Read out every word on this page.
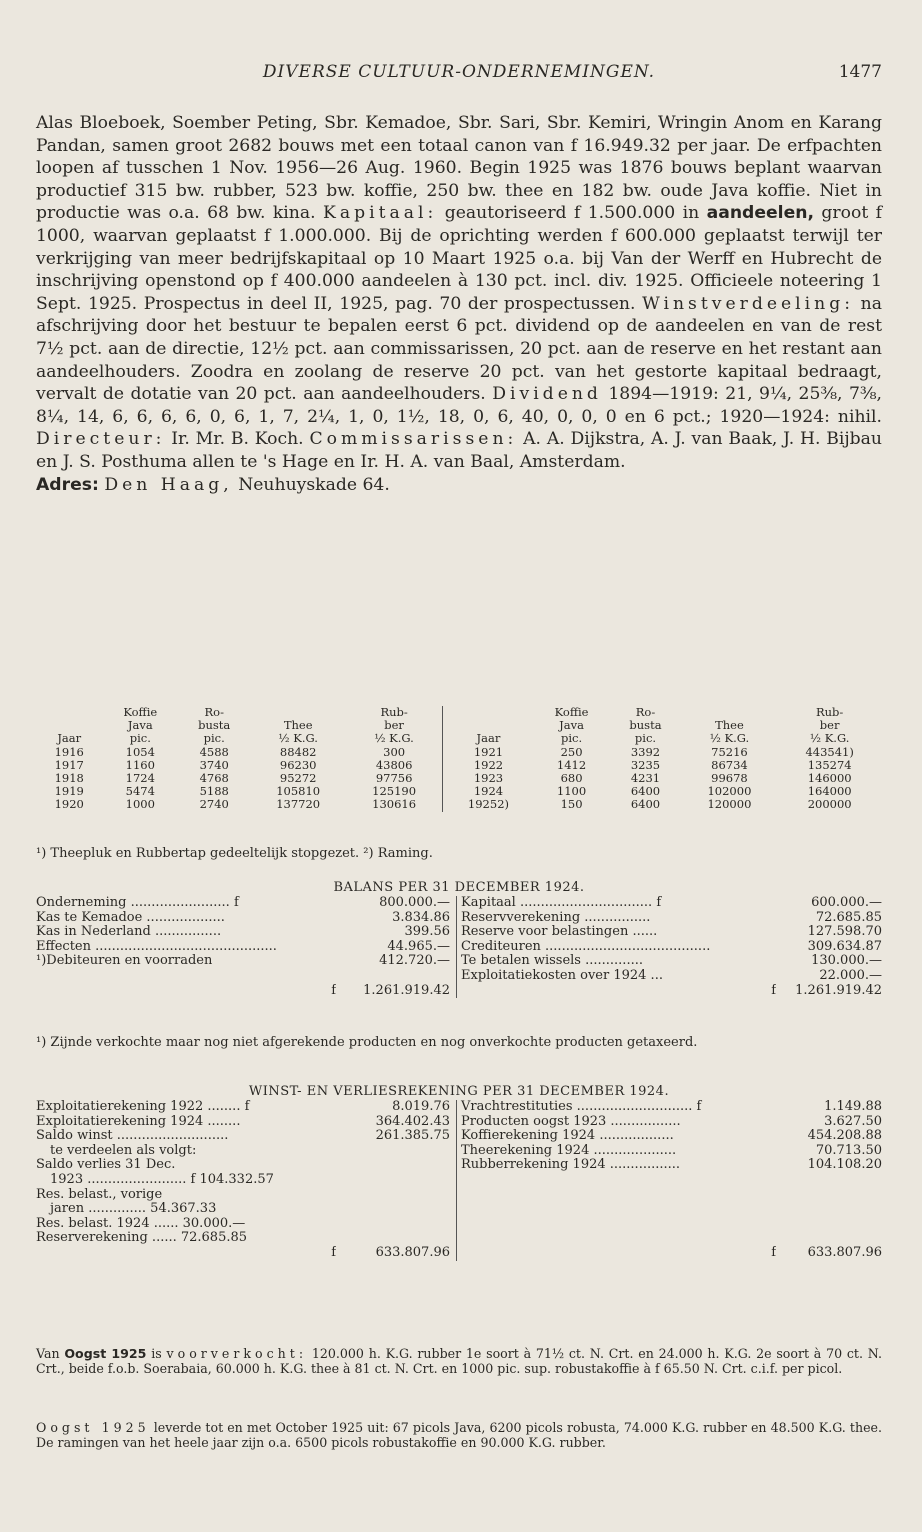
DIVERSE CULTUUR-ONDERNEMINGEN.	1477
Alas Bloeboek, Soember Peting, Sbr. Kemadoe, Sbr. Sari, Sbr. Kemiri, Wringin Anom en Karang Pandan, samen groot 2682 bouws met een totaal canon van f 16.949.32 per jaar. De erfpachten loopen af tusschen 1 Nov. 1956—26 Aug. 1960. Begin 1925 was 1876 bouws beplant waarvan productief 315 bw. rubber, 523 bw. koffie, 250 bw. thee en 182 bw. oude Java koffie. Niet in productie was o.a. 68 bw. kina. Kapitaal: geautoriseerd f 1.500.000 in aandeelen, groot f 1000, waarvan geplaatst f 1.000.000. Bij de oprichting werden f 600.000 geplaatst terwijl ter verkrijging van meer bedrijfskapitaal op 10 Maart 1925 o.a. bij Van der Werff en Hubrecht de inschrijving openstond op f 400.000 aandeelen à 130 pct. incl. div. 1925. Officieele noteering 1 Sept. 1925. Prospectus in deel II, 1925, pag. 70 der prospectussen. Winstverdeeling: na afschrijving door het bestuur te bepalen eerst 6 pct. dividend op de aandeelen en van de rest 7½ pct. aan de directie, 12½ pct. aan commissarissen, 20 pct. aan de reserve en het restant aan aandeelhouders. Zoodra en zoolang de reserve 20 pct. van het gestorte kapitaal bedraagt, vervalt de dotatie van 20 pct. aan aandeelhouders. Dividend 1894—1919: 21, 9¼, 25⅜, 7⅜, 8¼, 14, 6, 6, 6, 6, 0, 6, 1, 7, 2¼, 1, 0, 1½, 18, 0, 6, 40, 0, 0, 0 en 6 pct.; 1920—1924: nihil. Directeur: Ir. Mr. B. Koch. Commissarissen: A. A. Dijkstra, A. J. van Baak, J. H. Bijbau en J. S. Posthuma allen te 's Hage en Ir. H. A. van Baal, Amsterdam.
Adres: Den Haag, Neuhuyskade 64.
	Koffie	Ro-		Rub-		Koffie	Ro-		Rub-
	Java	busta	Thee	ber		Java	busta	Thee	ber
Jaar	pic.	pic.	½ K.G.	½ K.G.	Jaar	pic.	pic.	½ K.G.	½ K.G.
1916	1054	4588	88482	300	1921	250	3392	75216	443541)
1917	1160	3740	96230	43806	1922	1412	3235	86734	135274
1918	1724	4768	95272	97756	1923	680	4231	99678	146000
1919	5474	5188	105810	125190	1924	1100	6400	102000	164000
1920	1000	2740	137720	130616	19252)	150	6400	120000	200000
¹) Theepluk en Rubbertap gedeeltelijk stopgezet. ²) Raming.
BALANS PER 31 DECEMBER 1924.
Onderneming ........................ f	800.000.—	Kapitaal ................................ f	600.000.—
Kas te Kemadoe ...................	3.834.86	Reservverekening ................	72.685.85
Kas in Nederland ................	399.56	Reserve voor belastingen ......	127.598.70
Effecten ............................................	44.965.—	Crediteuren ........................................	309.634.87
¹)Debiteuren en voorraden	412.720.—	Te betalen wissels ..............	130.000.—
		Exploitatiekosten over 1924 ...	22.000.—

f	1.261.919.42	f	1.261.919.42
¹) Zijnde verkochte maar nog niet afgerekende producten en nog onverkochte producten getaxeerd.
WINST- EN VERLIESREKENING PER 31 DECEMBER 1924.
Exploitatierekening 1922 ........ f	8.019.76	Vrachtrestituties ............................ f	1.149.88
Exploitatierekening 1924 ........	364.402.43	Producten oogst 1923 .................	3.627.50
Saldo winst ...........................	261.385.75	Koffierekening 1924 ..................	454.208.88
te verdeelen als volgt:		Theerekening 1924 ....................	70.713.50
Saldo verlies 31 Dec.		Rubberrekening 1924 .................	104.108.20
1923 ........................ f 104.332.57			
Res. belast., vorige			
jaren .............. 54.367.33			
Res. belast. 1924 ...... 30.000.—			
Reserverekening ...... 72.685.85			

f	633.807.96	f	633.807.96
Van Oogst 1925 is voorverkocht: 120.000 h. K.G. rubber 1e soort à 71½ ct. N. Crt. en 24.000 h. K.G. 2e soort à 70 ct. N. Crt., beide f.o.b. Soerabaia, 60.000 h. K.G. thee à 81 ct. N. Crt. en 1000 pic. sup. robustakoffie à f 65.50 N. Crt. c.i.f. per picol.
Oogst 1925 leverde tot en met October 1925 uit: 67 picols Java, 6200 picols robusta, 74.000 K.G. rubber en 48.500 K.G. thee. De ramingen van het heele jaar zijn o.a. 6500 picols robustakoffie en 90.000 K.G. rubber.
